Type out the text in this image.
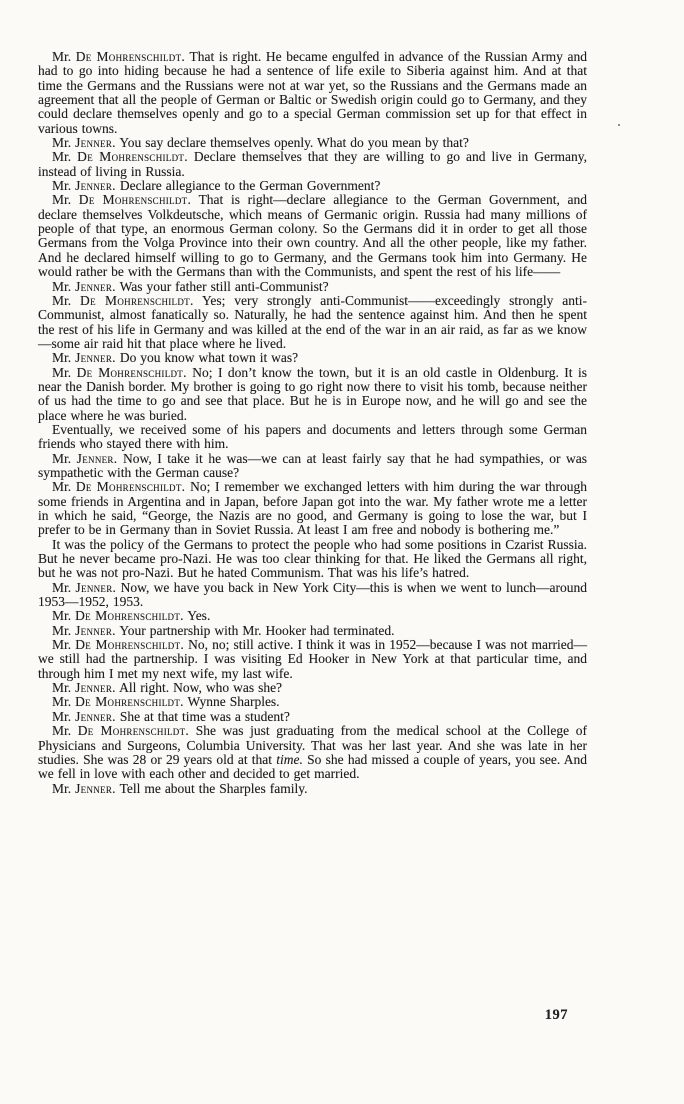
Mr. De Mohrenschildt. That is right. He became engulfed in advance of the Russian Army and had to go into hiding because he had a sentence of life exile to Siberia against him. And at that time the Germans and the Russians were not at war yet, so the Russians and the Germans made an agreement that all the people of German or Baltic or Swedish origin could go to Germany, and they could declare themselves openly and go to a special German commission set up for that effect in various towns.

Mr. Jenner. You say declare themselves openly. What do you mean by that?

Mr. De Mohrenschildt. Declare themselves that they are willing to go and live in Germany, instead of living in Russia.

Mr. Jenner. Declare allegiance to the German Government?

Mr. De Mohrenschildt. That is right—declare allegiance to the German Government, and declare themselves Volkdeutsche, which means of Germanic origin. Russia had many millions of people of that type, an enormous German colony. So the Germans did it in order to get all those Germans from the Volga Province into their own country. And all the other people, like my father. And he declared himself willing to go to Germany, and the Germans took him into Germany. He would rather be with the Germans than with the Communists, and spent the rest of his life——

Mr. Jenner. Was your father still anti-Communist?

Mr. De Mohrenschildt. Yes; very strongly anti-Communist——exceedingly strongly anti-Communist, almost fanatically so. Naturally, he had the sentence against him. And then he spent the rest of his life in Germany and was killed at the end of the war in an air raid, as far as we know—some air raid hit that place where he lived.

Mr. Jenner. Do you know what town it was?

Mr. De Mohrenschildt. No; I don’t know the town, but it is an old castle in Oldenburg. It is near the Danish border. My brother is going to go right now there to visit his tomb, because neither of us had the time to go and see that place. But he is in Europe now, and he will go and see the place where he was buried.

Eventually, we received some of his papers and documents and letters through some German friends who stayed there with him.

Mr. Jenner. Now, I take it he was—we can at least fairly say that he had sympathies, or was sympathetic with the German cause?

Mr. De Mohrenschildt. No; I remember we exchanged letters with him during the war through some friends in Argentina and in Japan, before Japan got into the war. My father wrote me a letter in which he said, “George, the Nazis are no good, and Germany is going to lose the war, but I prefer to be in Germany than in Soviet Russia. At least I am free and nobody is bothering me.”

It was the policy of the Germans to protect the people who had some positions in Czarist Russia. But he never became pro-Nazi. He was too clear thinking for that. He liked the Germans all right, but he was not pro-Nazi. But he hated Communism. That was his life’s hatred.

Mr. Jenner. Now, we have you back in New York City—this is when we went to lunch—around 1953—1952, 1953.

Mr. De Mohrenschildt. Yes.

Mr. Jenner. Your partnership with Mr. Hooker had terminated.

Mr. De Mohrenschildt. No, no; still active. I think it was in 1952—because I was not married—we still had the partnership. I was visiting Ed Hooker in New York at that particular time, and through him I met my next wife, my last wife.

Mr. Jenner. All right. Now, who was she?

Mr. De Mohrenschildt. Wynne Sharples.

Mr. Jenner. She at that time was a student?

Mr. De Mohrenschildt. She was just graduating from the medical school at the College of Physicians and Surgeons, Columbia University. That was her last year. And she was late in her studies. She was 28 or 29 years old at that time. So she had missed a couple of years, you see. And we fell in love with each other and decided to get married.

Mr. Jenner. Tell me about the Sharples family.

197
